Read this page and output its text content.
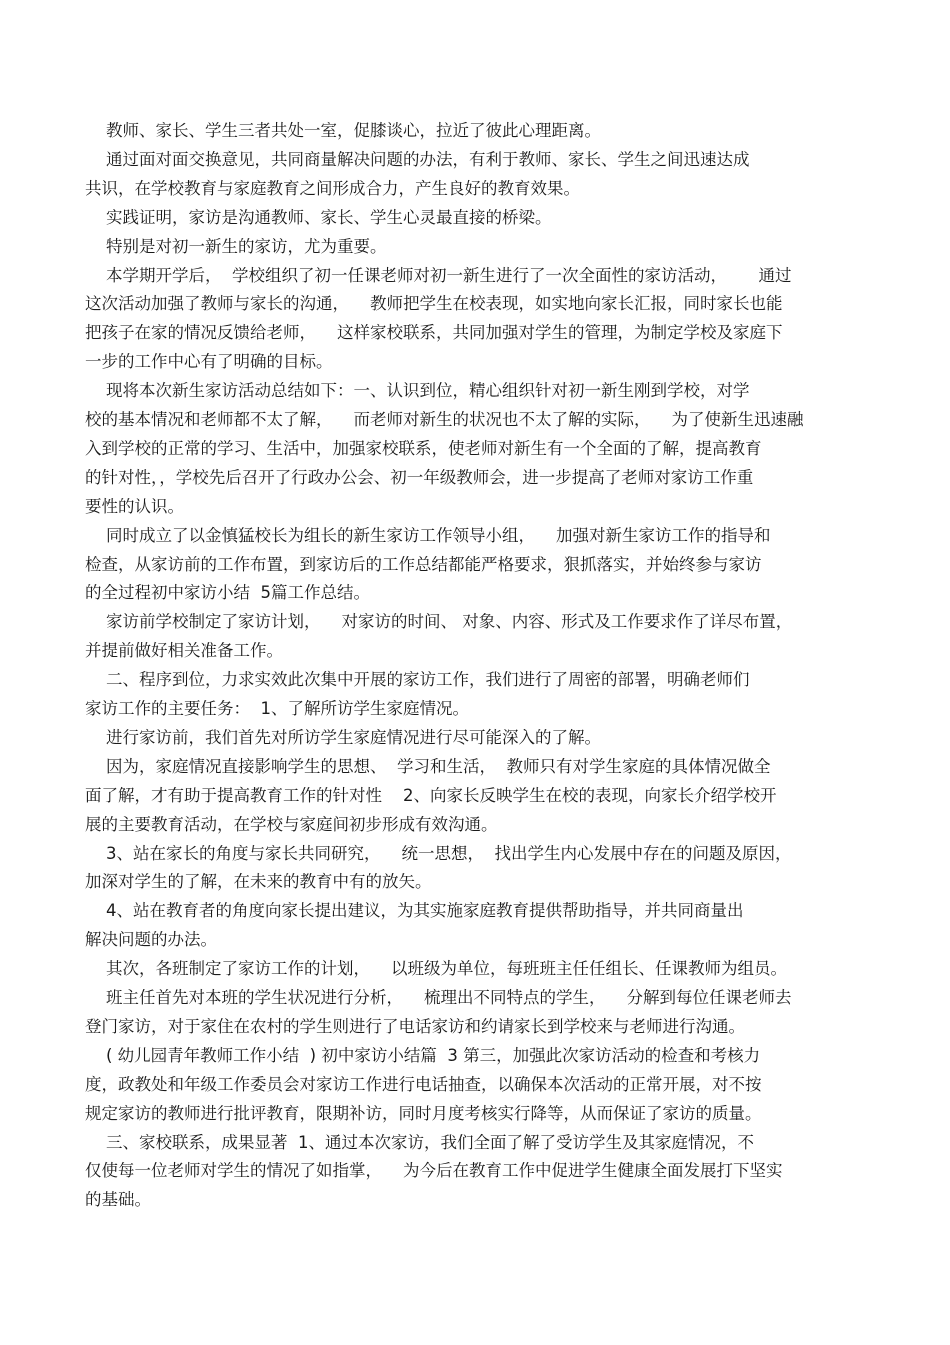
教师、家长、学生三者共处一室，促膝谈心，拉近了彼此心理距离。
通过面对面交换意见，共同商量解决问题的办法，有利于教师、家长、学生之间迅速达成
共识，在学校教育与家庭教育之间形成合力，产生良好的教育效果。
实践证明，家访是沟通教师、家长、学生心灵最直接的桥梁。
特别是对初一新生的家访，尤为重要。
本学期开学后，  学校组织了初一任课老师对初一新生进行了一次全面性的家访活动，      通过
这次活动加强了教师与家长的沟通，    教师把学生在校表现，如实地向家长汇报，同时家长也能
把孩子在家的情况反馈给老师，    这样家校联系，共同加强对学生的管理，为制定学校及家庭下
一步的工作中心有了明确的目标。
现将本次新生家访活动总结如下：一、认识到位，精心组织针对初一新生刚到学校，对学
校的基本情况和老师都不太了解，    而老师对新生的状况也不太了解的实际，    为了使新生迅速融
入到学校的正常的学习、生活中，加强家校联系，使老师对新生有一个全面的了解，提高教育
的针对性，，学校先后召开了行政办公会、初一年级教师会，进一步提高了老师对家访工作重
要性的认识。
同时成立了以金慎猛校长为组长的新生家访工作领导小组，    加强对新生家访工作的指导和
检查，从家访前的工作布置，到家访后的工作总结都能严格要求，狠抓落实，并始终参与家访
的全过程初中家访小结  5篇工作总结。
家访前学校制定了家访计划，    对家访的时间、 对象、内容、形式及工作要求作了详尽布置，
并提前做好相关准备工作。
二、程序到位，力求实效此次集中开展的家访工作，我们进行了周密的部署，明确老师们
家访工作的主要任务：  1、了解所访学生家庭情况。
进行家访前，我们首先对所访学生家庭情况进行尽可能深入的了解。
因为，家庭情况直接影响学生的思想、  学习和生活，  教师只有对学生家庭的具体情况做全
面了解，才有助于提高教育工作的针对性    2、向家长反映学生在校的表现，向家长介绍学校开
展的主要教育活动，在学校与家庭间初步形成有效沟通。
3、站在家长的角度与家长共同研究，    统一思想，  找出学生内心发展中存在的问题及原因，
加深对学生的了解，在未来的教育中有的放矢。
4、站在教育者的角度向家长提出建议，为其实施家庭教育提供帮助指导，并共同商量出
解决问题的办法。
其次，各班制定了家访工作的计划，    以班级为单位，每班班主任任组长、任课教师为组员。
班主任首先对本班的学生状况进行分析，    梳理出不同特点的学生，    分解到每位任课老师去
登门家访，对于家住在农村的学生则进行了电话家访和约请家长到学校来与老师进行沟通。
( 幼儿园青年教师工作小结  ) 初中家访小结篇  3 第三，加强此次家访活动的检查和考核力
度，政教处和年级工作委员会对家访工作进行电话抽查，以确保本次活动的正常开展，对不按
规定家访的教师进行批评教育，限期补访，同时月度考核实行降等，从而保证了家访的质量。
三、家校联系，成果显著  1、通过本次家访，我们全面了解了受访学生及其家庭情况，不
仅使每一位老师对学生的情况了如指掌，    为今后在教育工作中促进学生健康全面发展打下坚实
的基础。
